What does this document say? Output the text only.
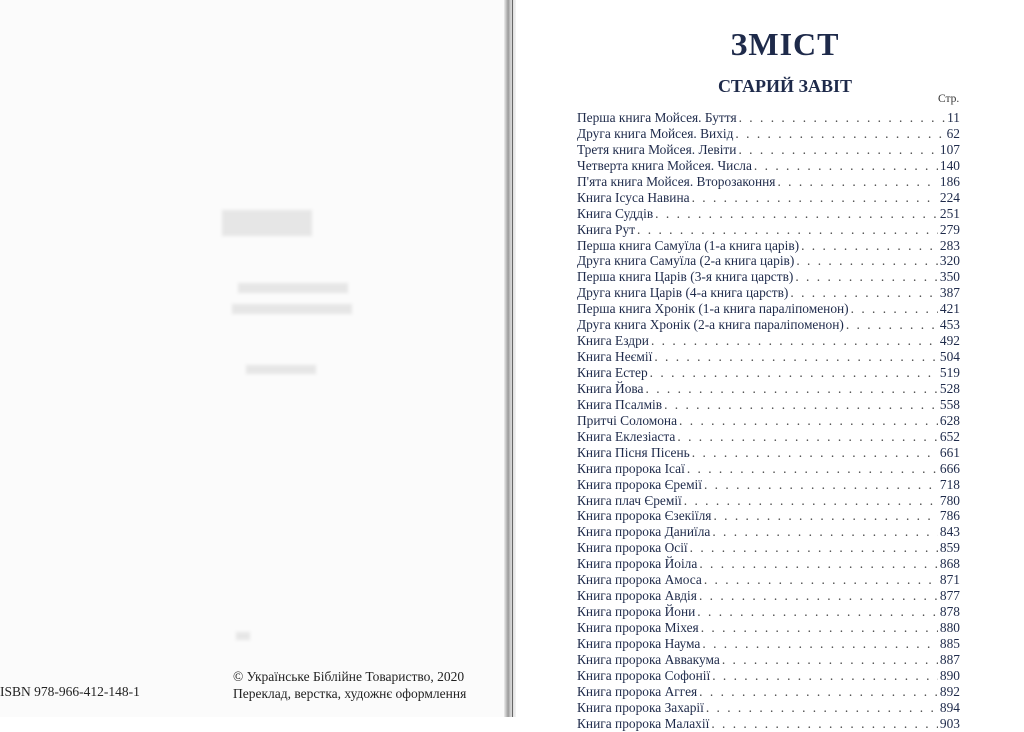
ISBN 978-966-412-148-1
© Українське Біблійне Товариство, 2020
Переклад, верстка, художнє оформлення
ЗМІСТ
СТАРИЙ ЗАВІТ
Стр.
Перша книга Мойсея. Буття . . .	11
Друга книга Мойсея. Вихід . . .	62
Третя книга Мойсея. Левіти . . .	107
Четверта книга Мойсея. Числа . . .	140
П'ята книга Мойсея. Второзаконня . . .	186
Книга Ісуса Навина . . .	224
Книга Суддів . . .	251
Книга Рут . . .	279
Перша книга Самуїла (1-а книга царів) . . .	283
Друга книга Самуїла (2-а книга царів) . . .	320
Перша книга Царів (3-я книга царств) . . .	350
Друга книга Царів (4-а книга царств) . . .	387
Перша книга Хронік (1-а книга параліпоменон) . . .	421
Друга книга Хронік (2-а книга параліпоменон) . . .	453
Книга Ездри . . .	492
Книга Неємії . . .	504
Книга Естер . . .	519
Книга Йова . . .	528
Книга Псалмів . . .	558
Притчі Соломона . . .	628
Книга Еклезіаста . . .	652
Книга Пісня Пісень . . .	661
Книга пророка Ісаї . . .	666
Книга пророка Єремії . . .	718
Книга плач Єремії . . .	780
Книга пророка Єзекіїля . . .	786
Книга пророка Даниїла . . .	843
Книга пророка Осії . . .	859
Книга пророка Йоіла . . .	868
Книга пророка Амоса . . .	871
Книга пророка Авдія . . .	877
Книга пророка Йони . . .	878
Книга пророка Міхея . . .	880
Книга пророка Наума . . .	885
Книга пророка Аввакума . . .	887
Книга пророка Софонії . . .	890
Книга пророка Аггея . . .	892
Книга пророка Захарії . . .	894
Книга пророка Малахії . . .	903
